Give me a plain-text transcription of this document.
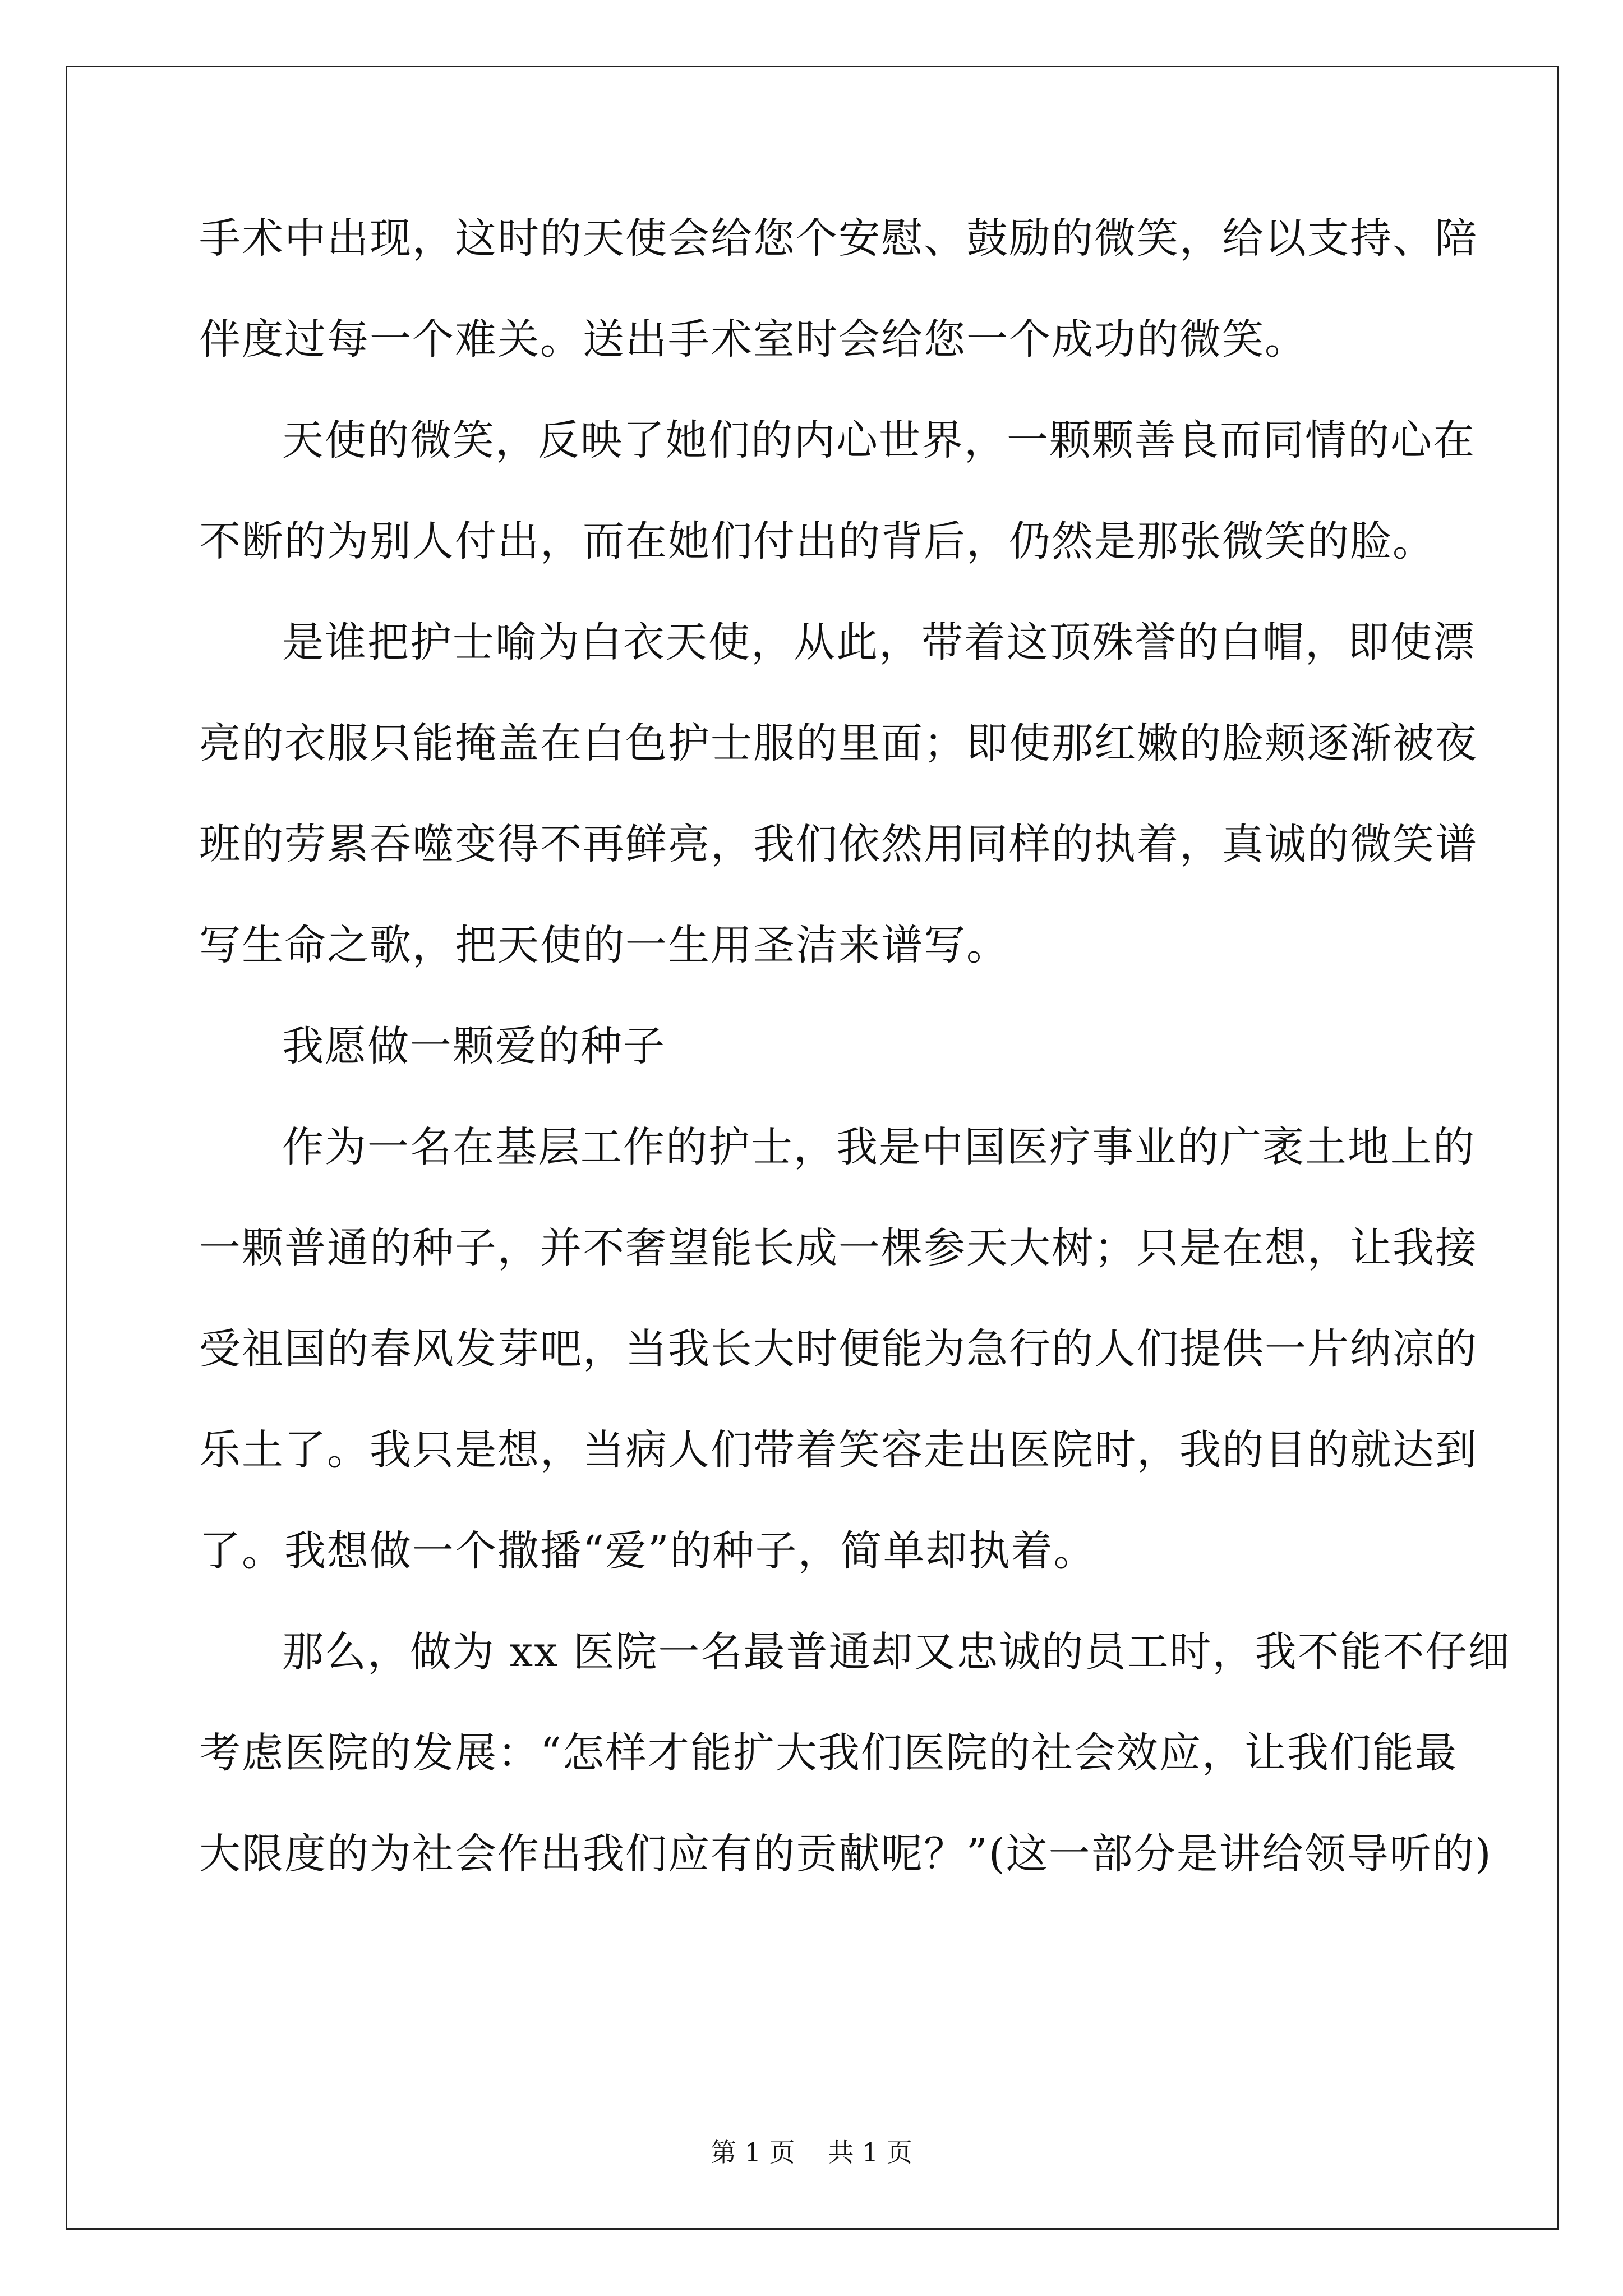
手术中出现，这时的天使会给您个安慰、鼓励的微笑，给以支持、陪
伴度过每一个难关。送出手术室时会给您一个成功的微笑。
天使的微笑，反映了她们的内心世界，一颗颗善良而同情的心在
不断的为别人付出，而在她们付出的背后，仍然是那张微笑的脸。
是谁把护士喻为白衣天使，从此，带着这顶殊誉的白帽，即使漂
亮的衣服只能掩盖在白色护士服的里面；即使那红嫩的脸颊逐渐被夜
班的劳累吞噬变得不再鲜亮，我们依然用同样的执着，真诚的微笑谱
写生命之歌，把天使的一生用圣洁来谱写。
我愿做一颗爱的种子
作为一名在基层工作的护士，我是中国医疗事业的广袤土地上的
一颗普通的种子，并不奢望能长成一棵参天大树；只是在想，让我接
受祖国的春风发芽吧，当我长大时便能为急行的人们提供一片纳凉的
乐土了。我只是想，当病人们带着笑容走出医院时，我的目的就达到
了。我想做一个撒播“爱”的种子，简单却执着。
那么，做为 xx 医院一名最普通却又忠诚的员工时，我不能不仔细
考虑医院的发展：“怎样才能扩大我们医院的社会效应，让我们能最
大限度的为社会作出我们应有的贡献呢？”(这一部分是讲给领导听的)
第 1 页 共 1 页
